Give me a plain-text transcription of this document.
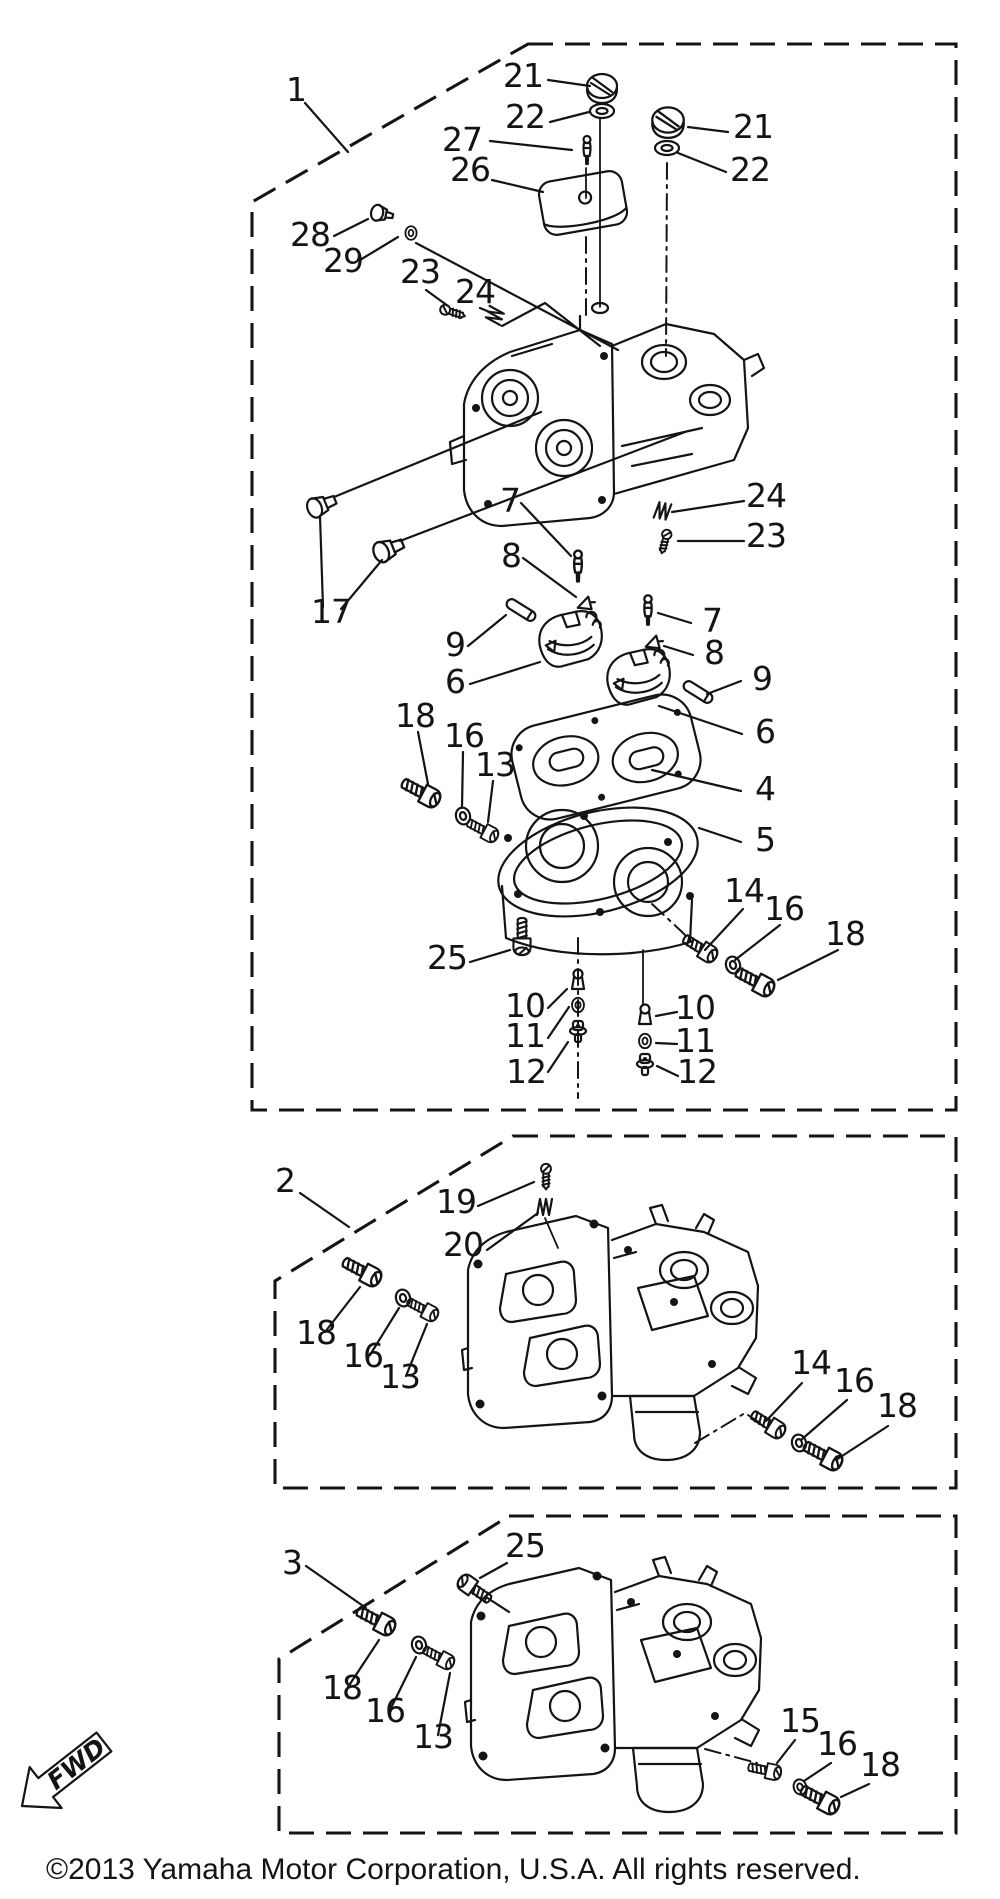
1	21
22	21
22
27
26
28
29 23
24
24
23
17
7
8
9
6
7
8
9
6
4
5
18
16
13
25
10
11
12
10
11
12
14 16
18
2
19
20
18
16
13	14 16
18
3	25
18
16
13	15
16
18
FWD
©2013 Yamaha Motor Corporation, U.S.A. All rights reserved.
